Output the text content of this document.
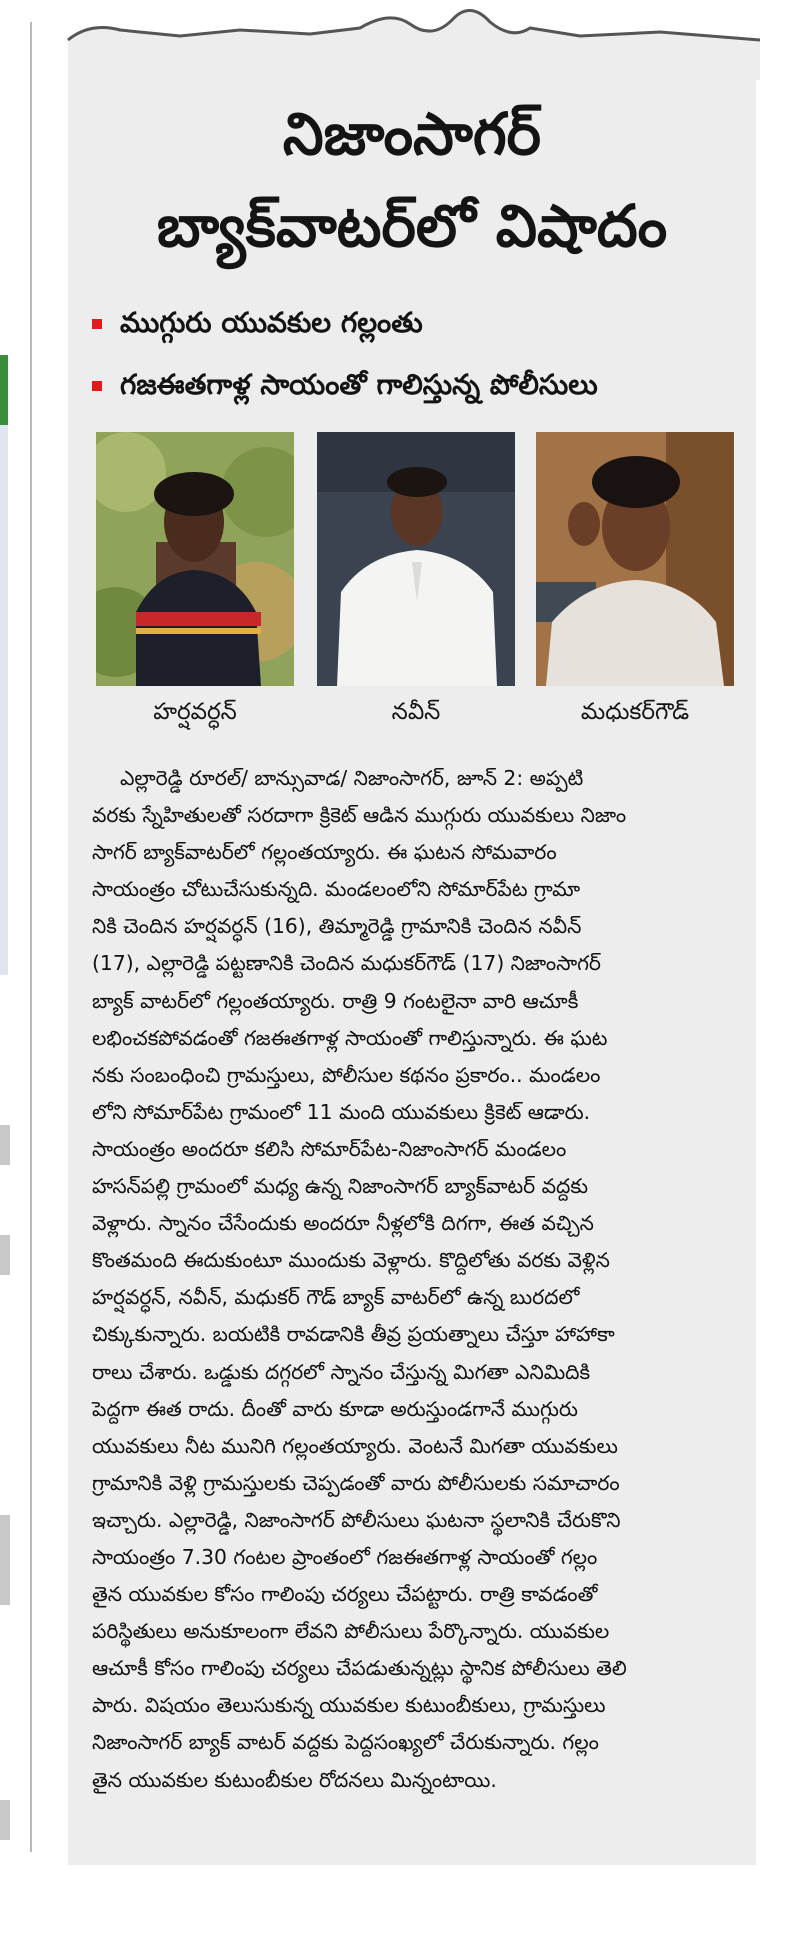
నిజాంసాగర్
బ్యాక్‌వాటర్‌లో విషాదం
ముగ్గురు యువకుల గల్లంతు
గజఈతగాళ్ల సాయంతో గాలిస్తున్న పోలీసులు
హర్షవర్ధన్	నవీన్	మధుకర్‌గౌడ్
ఎల్లారెడ్డి రూరల్/ బాన్సువాడ/ నిజాంసాగర్, జూన్ 2: అప్పటి
వరకు స్నేహితులతో సరదాగా క్రికెట్ ఆడిన ముగ్గురు యువకులు నిజాం
సాగర్ బ్యాక్‌వాటర్‌లో గల్లంతయ్యారు. ఈ ఘటన సోమవారం
సాయంత్రం చోటుచేసుకున్నది. మండలంలోని సోమార్‌పేట గ్రామా
నికి చెందిన హర్షవర్ధన్ (16), తిమ్మారెడ్డి గ్రామానికి చెందిన నవీన్
(17), ఎల్లారెడ్డి పట్టణానికి చెందిన మధుకర్‌గౌడ్ (17) నిజాంసాగర్
బ్యాక్ వాటర్‌లో గల్లంతయ్యారు. రాత్రి 9 గంటలైనా వారి ఆచూకీ
లభించకపోవడంతో గజఈతగాళ్ల సాయంతో గాలిస్తున్నారు. ఈ ఘట
నకు సంబంధించి గ్రామస్తులు, పోలీసుల కథనం ప్రకారం.. మండలం
లోని సోమార్‌పేట గ్రామంలో 11 మంది యువకులు క్రికెట్ ఆడారు.
సాయంత్రం అందరూ కలిసి సోమార్‌పేట-నిజాంసాగర్ మండలం
హసన్‌పల్లి గ్రామంలో మధ్య ఉన్న నిజాంసాగర్ బ్యాక్‌వాటర్ వద్దకు
వెళ్లారు. స్నానం చేసేందుకు అందరూ నీళ్లలోకి దిగగా, ఈత వచ్చిన
కొంతమంది ఈదుకుంటూ ముందుకు వెళ్లారు. కొద్దిలోతు వరకు వెళ్లిన
హర్షవర్ధన్, నవీన్, మధుకర్ గౌడ్ బ్యాక్ వాటర్‌లో ఉన్న బురదలో
చిక్కుకున్నారు. బయటికి రావడానికి తీవ్ర ప్రయత్నాలు చేస్తూ హాహాకా
రాలు చేశారు. ఒడ్డుకు దగ్గరలో స్నానం చేస్తున్న మిగతా ఎనిమిదికి
పెద్దగా ఈత రాదు. దీంతో వారు కూడా అరుస్తుండగానే ముగ్గురు
యువకులు నీట మునిగి గల్లంతయ్యారు. వెంటనే మిగతా యువకులు
గ్రామానికి వెళ్లి గ్రామస్తులకు చెప్పడంతో వారు పోలీసులకు సమాచారం
ఇచ్చారు. ఎల్లారెడ్డి, నిజాంసాగర్ పోలీసులు ఘటనా స్థలానికి చేరుకొని
సాయంత్రం 7.30 గంటల ప్రాంతంలో గజఈతగాళ్ల సాయంతో గల్లం
తైన యువకుల కోసం గాలింపు చర్యలు చేపట్టారు. రాత్రి కావడంతో
పరిస్థితులు అనుకూలంగా లేవని పోలీసులు పేర్కొన్నారు. యువకుల
ఆచూకీ కోసం గాలింపు చర్యలు చేపడుతున్నట్లు స్థానిక పోలీసులు తెలి
పారు. విషయం తెలుసుకున్న యువకుల కుటుంబీకులు, గ్రామస్తులు
నిజాంసాగర్ బ్యాక్ వాటర్ వద్దకు పెద్దసంఖ్యలో చేరుకున్నారు. గల్లం
తైన యువకుల కుటుంబీకుల రోదనలు మిన్నంటాయి.
